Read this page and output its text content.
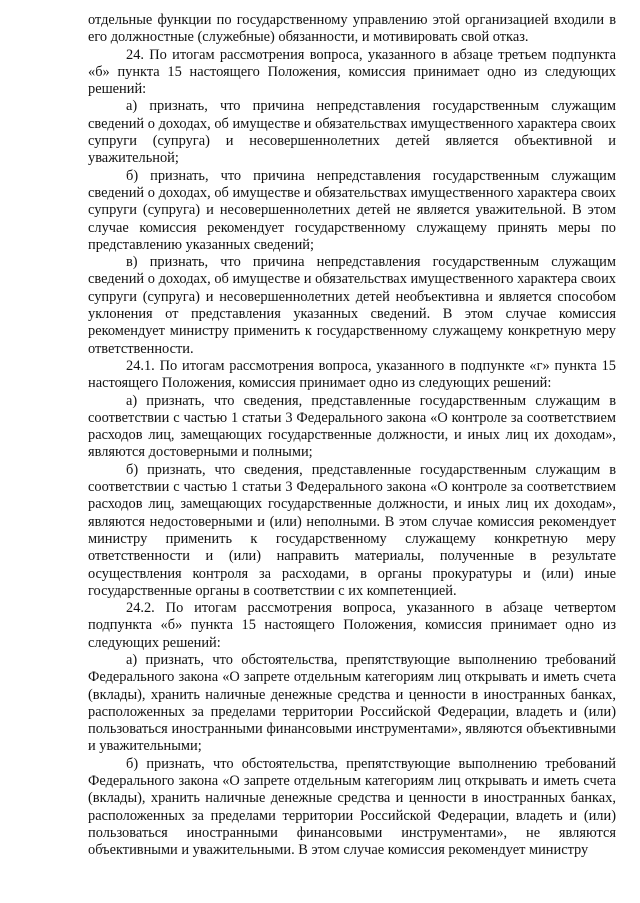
отдельные функции по государственному управлению этой организацией входили в его должностные (служебные) обязанности, и мотивировать свой отказ.

24. По итогам рассмотрения вопроса, указанного в абзаце третьем подпункта «б» пункта 15 настоящего Положения, комиссия принимает одно из следующих решений:

а) признать, что причина непредставления государственным служащим сведений о доходах, об имуществе и обязательствах имущественного характера своих супруги (супруга) и несовершеннолетних детей является объективной и уважительной;

б) признать, что причина непредставления государственным служащим сведений о доходах, об имуществе и обязательствах имущественного характера своих супруги (супруга) и несовершеннолетних детей не является уважительной. В этом случае комиссия рекомендует государственному служащему принять меры по представлению указанных сведений;

в) признать, что причина непредставления государственным служащим сведений о доходах, об имуществе и обязательствах имущественного характера своих супруги (супруга) и несовершеннолетних детей необъективна и является способом уклонения от представления указанных сведений. В этом случае комиссия рекомендует министру применить к государственному служащему конкретную меру ответственности.

24.1. По итогам рассмотрения вопроса, указанного в подпункте «г» пункта 15 настоящего Положения, комиссия принимает одно из следующих решений:

а) признать, что сведения, представленные государственным служащим в соответствии с частью 1 статьи 3 Федерального закона «О контроле за соответствием расходов лиц, замещающих государственные должности, и иных лиц их доходам», являются достоверными и полными;

б) признать, что сведения, представленные государственным служащим в соответствии с частью 1 статьи 3 Федерального закона «О контроле за соответствием расходов лиц, замещающих государственные должности, и иных лиц их доходам», являются недостоверными и (или) неполными. В этом случае комиссия рекомендует министру применить к государственному служащему конкретную меру ответственности и (или) направить материалы, полученные в результате осуществления контроля за расходами, в органы прокуратуры и (или) иные государственные органы в соответствии с их компетенцией.

24.2. По итогам рассмотрения вопроса, указанного в абзаце четвертом подпункта «б» пункта 15 настоящего Положения, комиссия принимает одно из следующих решений:

а) признать, что обстоятельства, препятствующие выполнению требований Федерального закона «О запрете отдельным категориям лиц открывать и иметь счета (вклады), хранить наличные денежные средства и ценности в иностранных банках, расположенных за пределами территории Российской Федерации, владеть и (или) пользоваться иностранными финансовыми инструментами», являются объективными и уважительными;

б) признать, что обстоятельства, препятствующие выполнению требований Федерального закона «О запрете отдельным категориям лиц открывать и иметь счета (вклады), хранить наличные денежные средства и ценности в иностранных банках, расположенных за пределами территории Российской Федерации, владеть и (или) пользоваться иностранными финансовыми инструментами», не являются объективными и уважительными. В этом случае комиссия рекомендует министру
